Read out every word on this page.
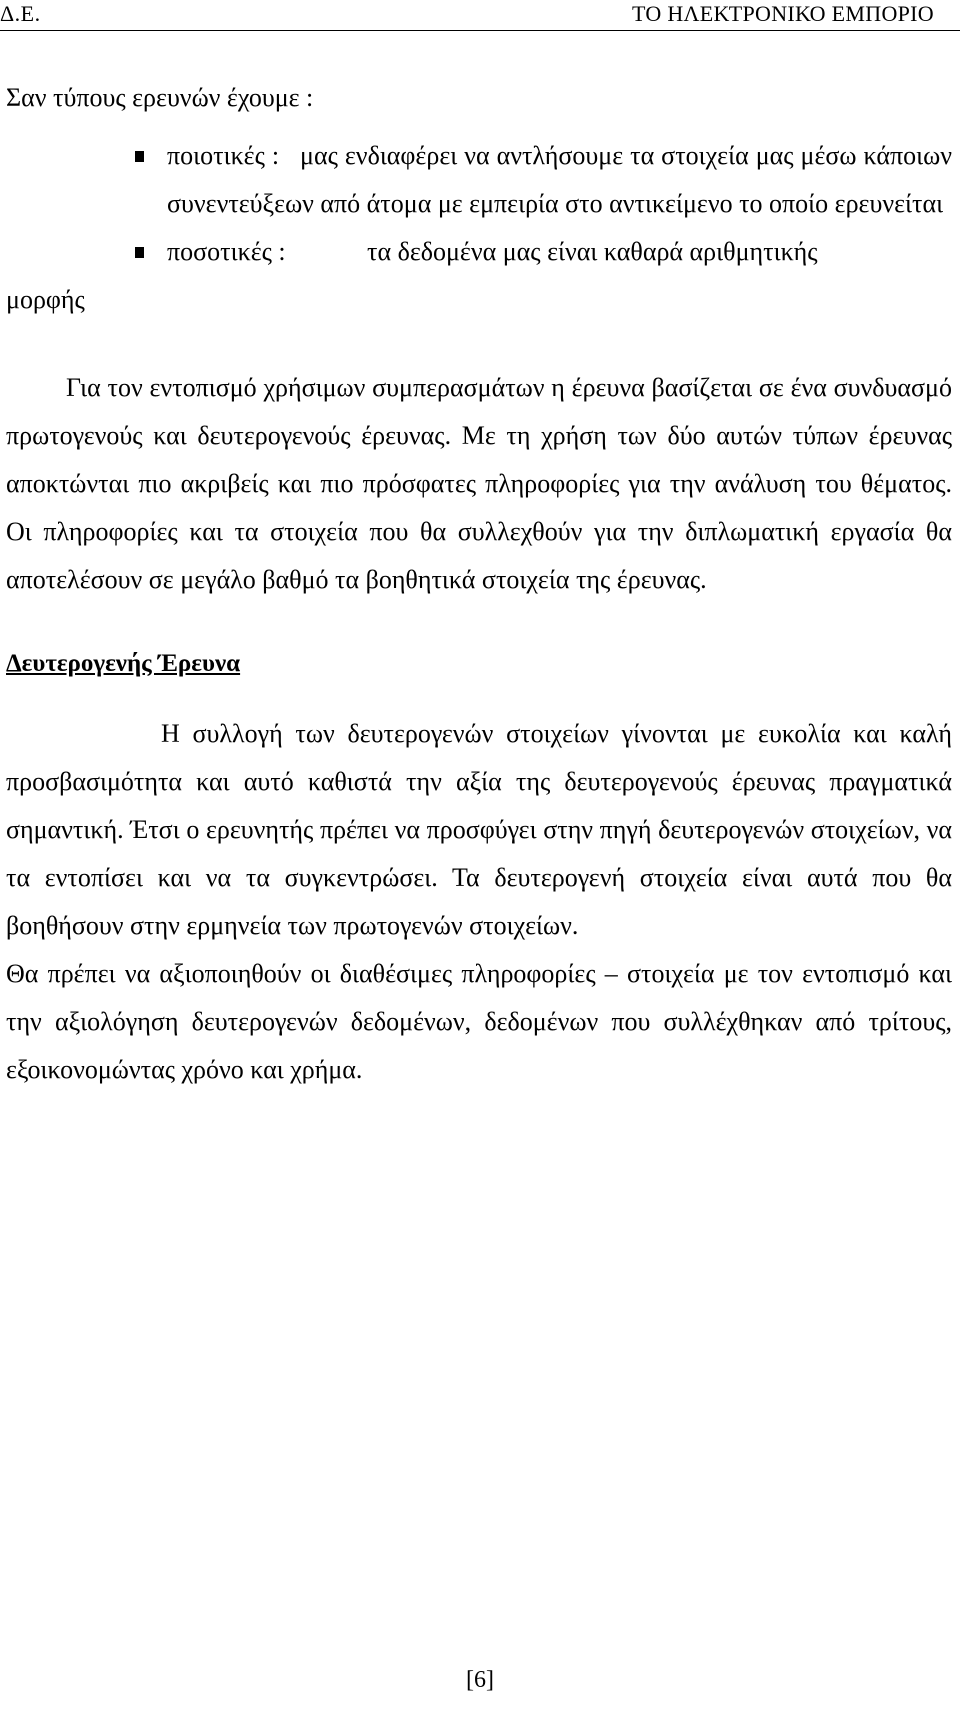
Δ.Ε.	ΤΟ ΗΛΕΚΤΡΟΝΙΚΟ ΕΜΠΟΡΙΟ

Σαν τύπους ερευνών έχουμε :

ποιοτικές : μας ενδιαφέρει να αντλήσουμε τα στοιχεία μας μέσω κάποιων συνεντεύξεων από άτομα με εμπειρία στο αντικείμενο το οποίο ερευνείται
ποσοτικές :	τα δεδομένα μας είναι καθαρά αριθμητικής
μορφής

Για τον εντοπισμό χρήσιμων συμπερασμάτων η έρευνα βασίζεται σε ένα συνδυασμό πρωτογενούς και δευτερογενούς έρευνας. Με τη χρήση των δύο αυτών τύπων έρευνας αποκτώνται πιο ακριβείς και πιο πρόσφατες πληροφορίες για την ανάλυση του θέματος. Οι πληροφορίες και τα στοιχεία που θα συλλεχθούν για την διπλωματική εργασία θα αποτελέσουν σε μεγάλο βαθμό τα βοηθητικά στοιχεία της έρευνας.

Δευτερογενής Έρευνα

Η συλλογή των δευτερογενών στοιχείων γίνονται με ευκολία και καλή προσβασιμότητα και αυτό καθιστά την αξία της δευτερογενούς έρευνας πραγματικά σημαντική. Έτσι ο ερευνητής πρέπει να προσφύγει στην πηγή δευτερογενών στοιχείων, να τα εντοπίσει και να τα συγκεντρώσει. Τα δευτερογενή στοιχεία είναι αυτά που θα βοηθήσουν στην ερμηνεία των πρωτογενών στοιχείων.

Θα πρέπει να αξιοποιηθούν οι διαθέσιμες πληροφορίες – στοιχεία με τον εντοπισμό και την αξιολόγηση δευτερογενών δεδομένων, δεδομένων που συλλέχθηκαν από τρίτους, εξοικονομώντας χρόνο και χρήμα.

[6]
